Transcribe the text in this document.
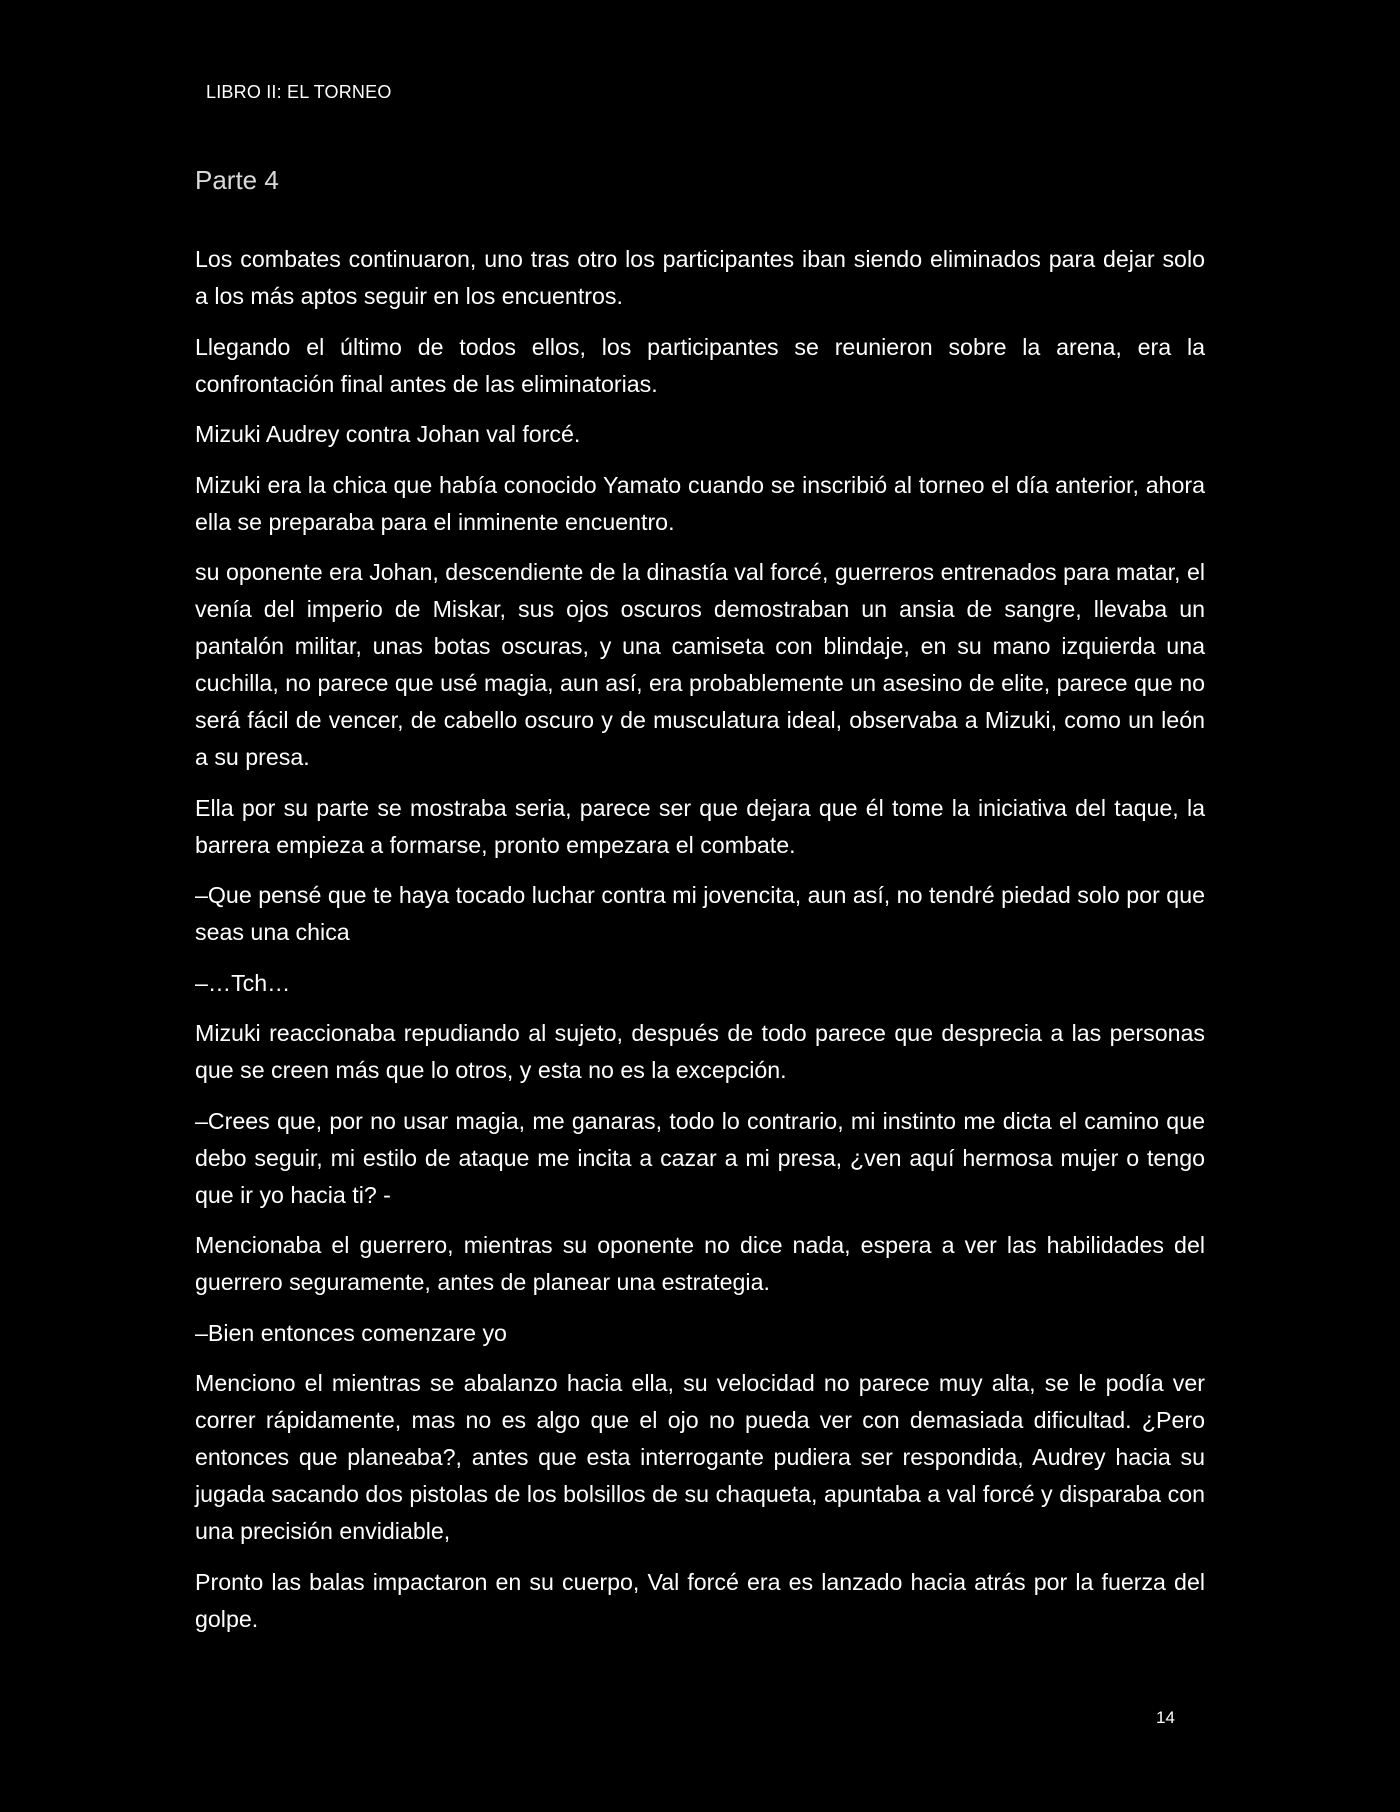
LIBRO II: EL TORNEO
Parte 4

Los combates continuaron, uno tras otro los participantes iban siendo eliminados para dejar solo a los más aptos seguir en los encuentros.

Llegando el último de todos ellos, los participantes se reunieron sobre la arena, era la confrontación final antes de las eliminatorias.

Mizuki Audrey contra Johan val forcé.

Mizuki era la chica que había conocido Yamato cuando se inscribió al torneo el día anterior, ahora ella se preparaba para el inminente encuentro.

su oponente era Johan, descendiente de la dinastía val forcé, guerreros entrenados para matar, el venía del imperio de Miskar, sus ojos oscuros demostraban un ansia de sangre, llevaba un pantalón militar, unas botas oscuras, y una camiseta con blindaje, en su mano izquierda una cuchilla, no parece que usé magia, aun así, era probablemente un asesino de elite, parece que no será fácil de vencer, de cabello oscuro y de musculatura ideal, observaba a Mizuki, como un león a su presa.

Ella por su parte se mostraba seria, parece ser que dejara que él tome la iniciativa del taque, la barrera empieza a formarse, pronto empezara el combate.

–Que pensé que te haya tocado luchar contra mi jovencita, aun así, no tendré piedad solo por que seas una chica

–…Tch…

Mizuki reaccionaba repudiando al sujeto, después de todo parece que desprecia a las personas que se creen más que lo otros, y esta no es la excepción.

–Crees que, por no usar magia, me ganaras, todo lo contrario, mi instinto me dicta el camino que debo seguir, mi estilo de ataque me incita a cazar a mi presa, ¿ven aquí hermosa mujer o tengo que ir yo hacia ti? -

Mencionaba el guerrero, mientras su oponente no dice nada, espera a ver las habilidades del guerrero seguramente, antes de planear una estrategia.

–Bien entonces comenzare yo

Menciono el mientras se abalanzo hacia ella, su velocidad no parece muy alta, se le podía ver correr rápidamente, mas no es algo que el ojo no pueda ver con demasiada dificultad. ¿Pero entonces que planeaba?, antes que esta interrogante pudiera ser respondida, Audrey hacia su jugada sacando dos pistolas de los bolsillos de su chaqueta, apuntaba a val forcé y disparaba con una precisión envidiable,

Pronto las balas impactaron en su cuerpo, Val forcé era es lanzado hacia atrás por la fuerza del golpe.

14
